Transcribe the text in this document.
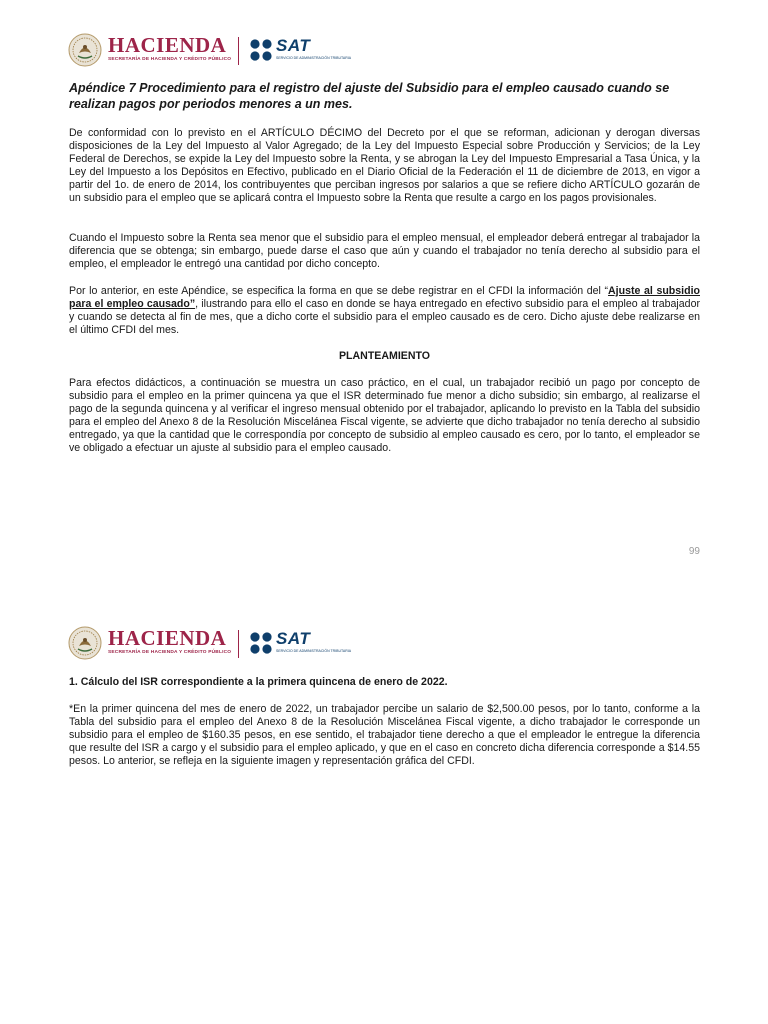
HACIENDA
SECRETARÍA DE HACIENDA Y CRÉDITO PÚBLICO
SAT
SERVICIO DE ADMINISTRACIÓN TRIBUTARIA

Apéndice 7 Procedimiento para el registro del ajuste del Subsidio para el empleo causado cuando se realizan pagos por periodos menores a un mes.

De conformidad con lo previsto en el ARTÍCULO DÉCIMO del Decreto por el que se reforman, adicionan y derogan diversas disposiciones de la Ley del Impuesto al Valor Agregado; de la Ley del Impuesto Especial sobre Producción y Servicios; de la Ley Federal de Derechos, se expide la Ley del Impuesto sobre la Renta, y se abrogan la Ley del Impuesto Empresarial a Tasa Única, y la Ley del Impuesto a los Depósitos en Efectivo, publicado en el Diario Oficial de la Federación el 11 de diciembre de 2013, en vigor a partir del 1o. de enero de 2014, los contribuyentes que perciban ingresos por salarios a que se refiere dicho ARTÍCULO gozarán de un subsidio para el empleo que se aplicará contra el Impuesto sobre la Renta que resulte a cargo en los pagos provisionales.

Cuando el Impuesto sobre la Renta sea menor que el subsidio para el empleo mensual, el empleador deberá entregar al trabajador la diferencia que se obtenga; sin embargo, puede darse el caso que aún y cuando el trabajador no tenía derecho al subsidio para el empleo, el empleador le entregó una cantidad por dicho concepto.

Por lo anterior, en este Apéndice, se especifica la forma en que se debe registrar en el CFDI la información del “Ajuste al subsidio para el empleo causado”, ilustrando para ello el caso en donde se haya entregado en efectivo subsidio para el empleo al trabajador y cuando se detecta al fin de mes, que a dicho corte el subsidio para el empleo causado es de cero. Dicho ajuste debe realizarse en el último CFDI del mes.

PLANTEAMIENTO

Para efectos didácticos, a continuación se muestra un caso práctico, en el cual, un trabajador recibió un pago por concepto de subsidio para el empleo en la primer quincena ya que el ISR determinado fue menor a dicho subsidio; sin embargo, al realizarse el pago de la segunda quincena y al verificar el ingreso mensual obtenido por el trabajador, aplicando lo previsto en la Tabla del subsidio para el empleo del Anexo 8 de la Resolución Miscelánea Fiscal vigente, se advierte que dicho trabajador no tenía derecho al subsidio entregado, ya que la cantidad que le correspondía por concepto de subsidio al empleo causado es cero, por lo tanto, el empleador se ve obligado a efectuar un ajuste al subsidio para el empleo causado.

99
HACIENDA
SECRETARÍA DE HACIENDA Y CRÉDITO PÚBLICO
SAT
SERVICIO DE ADMINISTRACIÓN TRIBUTARIA

1. Cálculo del ISR correspondiente a la primera quincena de enero de 2022.

*En la primer quincena del mes de enero de 2022, un trabajador percibe un salario de $2,500.00 pesos, por lo tanto, conforme a la Tabla del subsidio para el empleo del Anexo 8 de la Resolución Miscelánea Fiscal vigente, a dicho trabajador le corresponde un subsidio para el empleo de $160.35 pesos, en ese sentido, el trabajador tiene derecho a que el empleador le entregue la diferencia que resulte del ISR a cargo y el subsidio para el empleo aplicado, y que en el caso en concreto dicha diferencia corresponde a $14.55 pesos. Lo anterior, se refleja en la siguiente imagen y representación gráfica del CFDI.
